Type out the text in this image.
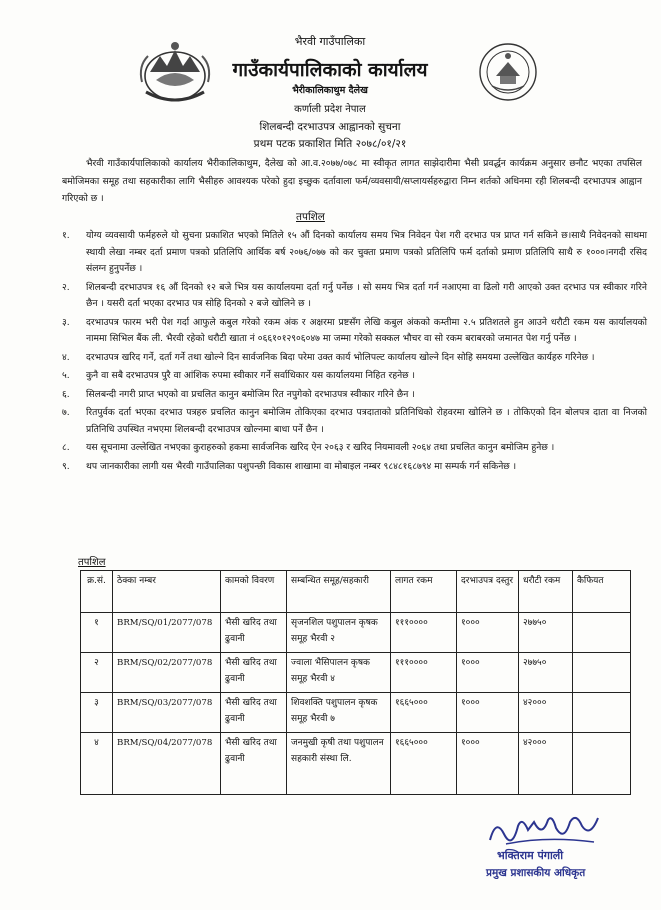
भैरवी गाउँपालिका
गाउँकार्यपालिकाको कार्यालय
भैरीकालिकाथुम दैलेख
कर्णाली प्रदेश नेपाल
शिलबन्दी दरभाउपत्र आह्वानको सुचना
प्रथम पटक प्रकाशित मिति २०७८/०१/२१

भैरवी गाउँकार्यपालिकाको कार्यालय भैरीकालिकाथुम, दैलेख को आ.व.२०७७/०७८ मा स्वीकृत लागत साझेदारीमा भैसी प्रवर्द्धन कार्यक्रम अनुसार छनौट भएका तपसिल बमोजिमका समूह तथा सहकारीका लागि भैसीहरु आवश्यक परेको हुदा इच्छुक दर्तावाला फर्म/व्यवसायी/सप्लायर्सहरुद्वारा निम्न शर्तको अधिनमा रही शिलबन्दी दरभाउपत्र आह्वान गरिएको छ ।

तपशिल
१.	योग्य व्यवसायी फर्महरुले यो सुचना प्रकाशित भएको मितिले १५ औं दिनको कार्यालय समय भित्र निवेदन पेश गरी दरभाउ पत्र प्राप्त गर्न सकिने छ।साथै निवेदनको साथमा स्थायी लेखा नम्बर दर्ता प्रमाण पत्रको प्रतिलिपि आर्थिक बर्ष २०७६/०७७ को कर चुक्ता प्रमाण पत्रको प्रतिलिपि फर्म दर्ताको प्रमाण प्रतिलिपि साथै रु १०००।नगदी रसिद संलग्न हुनुपर्नेछ ।
२.	शिलबन्दी दरभाउपत्र १६ औं दिनको १२ बजे भित्र यस कार्यालयमा दर्ता गर्नु पर्नेछ । सो समय भित्र दर्ता गर्न नआएमा वा ढिलो गरी आएको उक्त दरभाउ पत्र स्वीकार गरिने छैन । यसरी दर्ता भएका दरभाउ पत्र सोहि दिनको २ बजे खोलिने छ ।
३.	दरभाउपत्र फारम भरी पेश गर्दा आफुले कबुल गरेको रकम अंक र अक्षरमा प्रष्टसँग लेखि कबुल अंकको कम्तीमा २.५ प्रतिशतले हुन आउने धरौटी रकम यस कार्यालयको नाममा सिभिल बैंक ली. भैरवी रहेको धरौटी खाता नं ०६६१०१२९०६०४७ मा जम्मा गरेको सक्कल भौचर वा सो रकम बराबरको जमानत पेश गर्नु पर्नेछ ।
४.	दरभाउपत्र खरिद गर्ने, दर्ता गर्ने तथा खोल्ने दिन सार्वजनिक बिदा परेमा उक्त कार्य भोलिपल्ट कार्यालय खोल्ने दिन सोहि समयमा उल्लेखित कार्यहरु गरिनेछ ।
५.	कुनै वा सबै दरभाउपत्र पुरै वा आंशिक रुपमा स्वीकार गर्ने सर्वाधिकार यस कार्यालयमा निहित रहनेछ ।
६.	सिलबन्दी नगरी प्राप्त भएको वा प्रचलित कानुन बमोजिम रित नपुगेको दरभाउपत्र स्वीकार गरिने छैन ।
७.	रितपुर्वक दर्ता भएका दरभाउ पत्रहरु प्रचलित कानुन बमोजिम तोकिएका दरभाउ पत्रदाताको प्रतिनिधिको रोहवरमा खोलिने छ । तोकिएको दिन बोलपत्र दाता वा निजको प्रतिनिधि उपस्थित नभएमा शिलबन्दी दरभाउपत्र खोल्नमा बाधा पर्ने छैन ।
८.	यस सूचनामा उल्लेखित नभएका कुराहरुको हकमा सार्वजनिक खरिद ऐन २०६३ र खरिद नियमावली २०६४ तथा प्रचलित कानुन बमोजिम हुनेछ ।
९.	थप जानकारीका लागी यस भैरवी गाउँपालिका पशुपन्छी विकास शाखामा वा मोबाइल नम्बर ९८४८१६८७९४ मा सम्पर्क गर्न सकिनेछ ।
तपशिल
क्र.सं.	ठेक्का नम्बर	कामको विवरण	सम्बन्धित समूह/सहकारी	लागत रकम	दरभाउपत्र दस्तुर	धरौटी रकम	कैफियत
१	BRM/SQ/01/2077/078	भैसी खरिद तथा ढुवानी	सृजनशिल पशुपालन कृषक समूह भैरवी २	१११००००	१०००	२७७५०	
२	BRM/SQ/02/2077/078	भैसी खरिद तथा ढुवानी	ज्वाला भैसिपालन कृषक समूह भैरवी ४	१११००००	१०००	२७७५०	
३	BRM/SQ/03/2077/078	भैसी खरिद तथा ढुवानी	शिवशक्ति पशुपालन कृषक समूह भैरवी ७	१६६५०००	१०००	४२०००	
४	BRM/SQ/04/2077/078	भैसी खरिद तथा ढुवानी	जनमुखी कृषी तथा पशुपालन सहकारी संस्था लि.	१६६५०००	१०००	४२०००	
भक्तिराम पंगाली
प्रमुख प्रशासकीय अधिकृत
